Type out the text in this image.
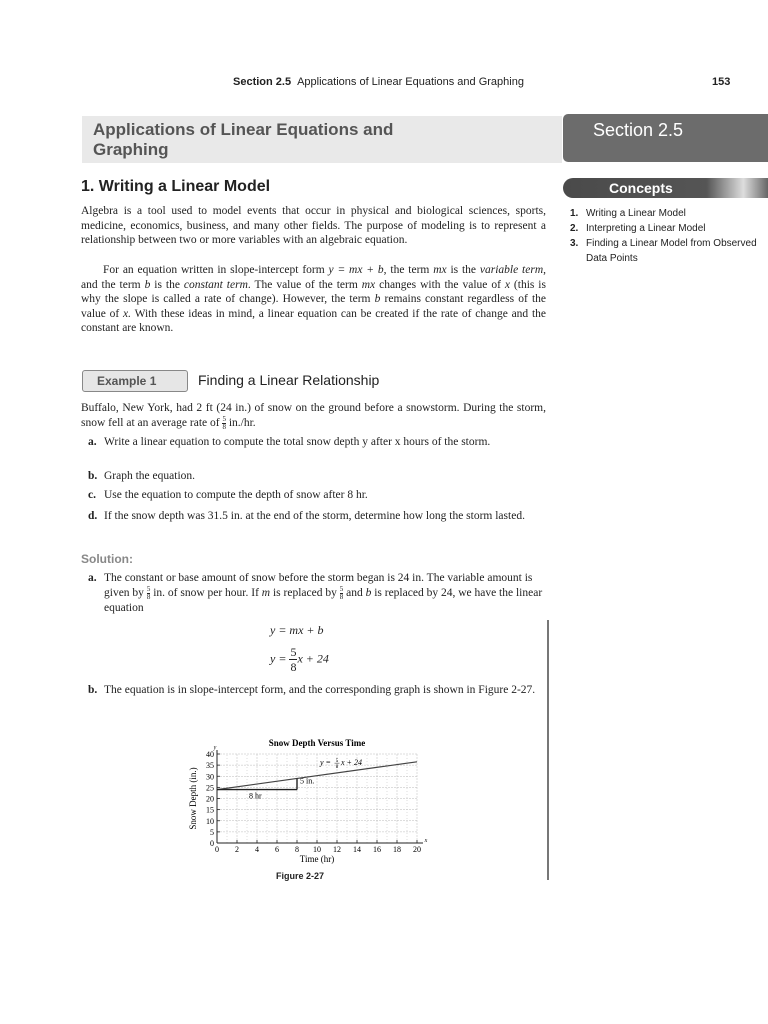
Section 2.5 Applications of Linear Equations and Graphing	153
Applications of Linear Equations and Graphing
Section 2.5
Concepts
1. Writing a Linear Model
2. Interpreting a Linear Model
3. Finding a Linear Model from Observed Data Points
1. Writing a Linear Model

Algebra is a tool used to model events that occur in physical and biological sciences, sports, medicine, economics, business, and many other fields. The purpose of modeling is to represent a relationship between two or more variables with an algebraic equation.

For an equation written in slope-intercept form y = mx + b, the term mx is the variable term, and the term b is the constant term. The value of the term mx changes with the value of x (this is why the slope is called a rate of change). However, the term b remains constant regardless of the value of x. With these ideas in mind, a linear equation can be created if the rate of change and the constant are known.

Example 1	Finding a Linear Relationship

Buffalo, New York, had 2 ft (24 in.) of snow on the ground before a snowstorm. During the storm, snow fell at an average rate of $\frac{5}{8} in./hr$.

a. Write a linear equation to compute the total snow depth y after x hours of the storm.

b. Graph the equation.

c. Use the equation to compute the depth of snow after 8 hr.

d. If the snow depth was 31.5 in. at the end of the storm, determine how long the storm lasted.

Solution:

a. The constant or base amount of snow before the storm began is 24 in. The variable amount is given by $\frac{5}{8}$ in. of snow per hour. If m is replaced by $\frac{5}{8}$ and b is replaced by 24, we have the linear equation

y = mx + b
$y = \frac{5}{8}$ x + 24

b. The equation is in slope-intercept form, and the corresponding graph is shown in Figure 2-27.

Snow Depth Versus Time
0 2 4 6 8 10 12 14 16 18 20
0
5
10
15
20
25
30
35
40
y
x
Time (hr)
Snow Depth (in.)	8 hr
5 in.
y = 5
8
x + 24
Figure 2-27
